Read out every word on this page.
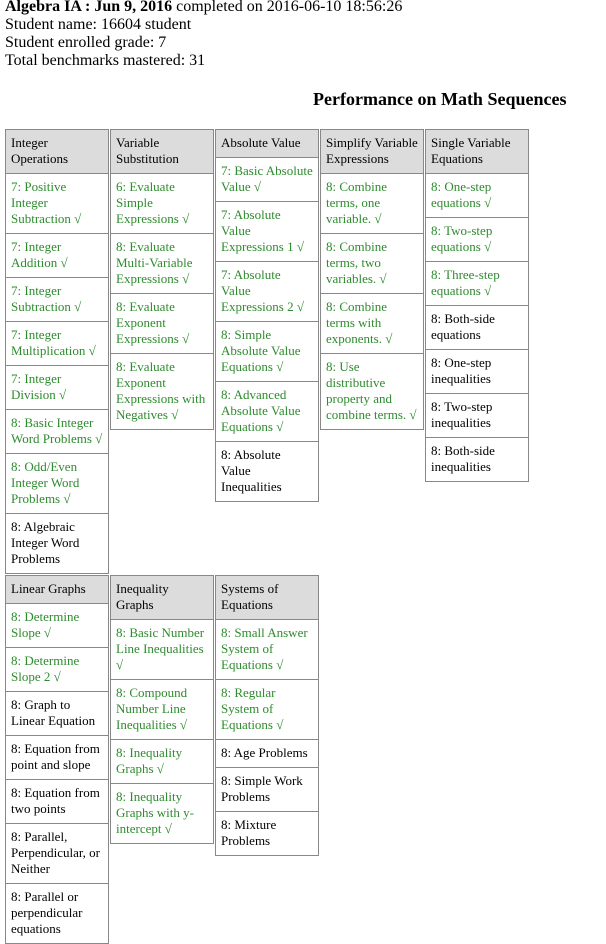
Algebra IA : Jun 9, 2016 completed on 2016-06-10 18:56:26
Student name: 16604 student
Student enrolled grade: 7
Total benchmarks mastered: 31
Performance on Math Sequences
Integer Operations
7: Positive Integer Subtraction √
7: Integer Addition √
7: Integer Subtraction √
7: Integer Multiplication √
7: Integer Division √
8: Basic Integer Word Problems √
8: Odd/Even Integer Word Problems √
8: Algebraic Integer Word Problems
Variable Substitution
6: Evaluate Simple Expressions √
8: Evaluate Multi-Variable Expressions √
8: Evaluate Exponent Expressions √
8: Evaluate Exponent Expressions with Negatives √
Absolute Value
7: Basic Absolute Value √
7: Absolute Value Expressions 1 √
7: Absolute Value Expressions 2 √
8: Simple Absolute Value Equations √
8: Advanced Absolute Value Equations √
8: Absolute Value Inequalities
Simplify Variable Expressions
8: Combine terms, one variable. √
8: Combine terms, two variables. √
8: Combine terms with exponents. √
8: Use distributive property and combine terms. √
Single Variable Equations
8: One-step equations √
8: Two-step equations √
8: Three-step equations √
8: Both-side equations
8: One-step inequalities
8: Two-step inequalities
8: Both-side inequalities
Linear Graphs
8: Determine Slope √
8: Determine Slope 2 √
8: Graph to Linear Equation
8: Equation from point and slope
8: Equation from two points
8: Parallel, Perpendicular, or Neither
8: Parallel or perpendicular equations
Inequality Graphs
8: Basic Number Line Inequalities √
8: Compound Number Line Inequalities √
8: Inequality Graphs √
8: Inequality Graphs with y-intercept √
Systems of Equations
8: Small Answer System of Equations √
8: Regular System of Equations √
8: Age Problems
8: Simple Work Problems
8: Mixture Problems
